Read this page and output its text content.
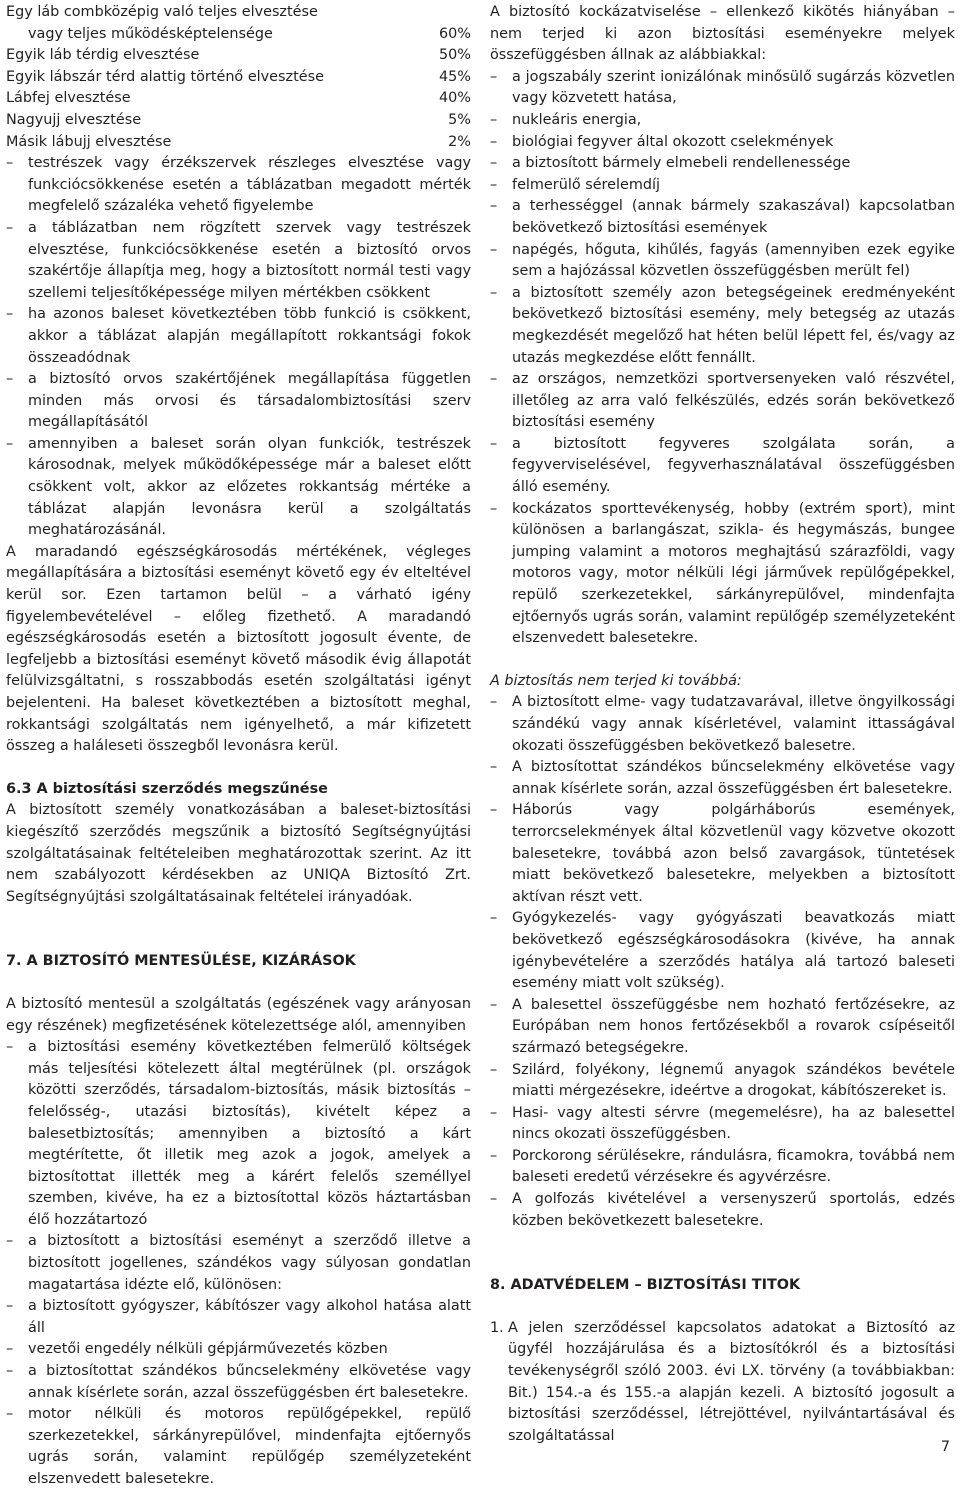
Egy láb combközépig való teljes elvesztése

vagy teljes működésképtelensége	60%
Egyik láb térdig elvesztése	50%
Egyik lábszár térd alattig történő elvesztése	45%
Lábfej elvesztése	40%
Nagyujj elvesztése	5%
Másik lábujj elvesztése	2%

– testrészek vagy érzékszervek részleges elvesztése vagy funkciócsökkenése esetén a táblázatban megadott mérték megfelelő százaléka vehető figyelembe

– a táblázatban nem rögzített szervek vagy testrészek elvesztése, funkciócsökkenése esetén a biztosító orvos szakértője állapítja meg, hogy a biztosított normál testi vagy szellemi teljesítőképessége milyen mértékben csökkent

– ha azonos baleset következtében több funkció is csökkent, akkor a táblázat alapján megállapított rokkantsági fokok összeadódnak

– a biztosító orvos szakértőjének megállapítása független minden más orvosi és társadalombiztosítási szerv megállapításától

– amennyiben a baleset során olyan funkciók, testrészek károsodnak, melyek működőképessége már a baleset előtt csökkent volt, akkor az előzetes rokkantság mértéke a táblázat alapján levonásra kerül a szolgáltatás meghatározásánál.

A maradandó egészségkárosodás mértékének, végleges megállapítására a biztosítási eseményt követő egy év elteltével kerül sor. Ezen tartamon belül – a várható igény figyelembevételével – előleg fizethető. A maradandó egészségkárosodás esetén a biztosított jogosult évente, de legfeljebb a biztosítási eseményt követő második évig állapotát felülvizsgáltatni, s rosszabbodás esetén szolgáltatási igényt bejelenteni. Ha baleset következtében a biztosított meghal, rokkantsági szolgáltatás nem igényelhető, a már kifizetett összeg a haláleseti összegből levonásra kerül.

6.3 A biztosítási szerződés megszűnése

A biztosított személy vonatkozásában a baleset-biztosítási kiegészítő szerződés megszűnik a biztosító Segítségnyújtási szolgáltatásainak feltételeiben meghatározottak szerint. Az itt nem szabályozott kérdésekben az UNIQA Biztosító Zrt. Segítségnyújtási szolgáltatásainak feltételei irányadóak.

7. A BIZTOSÍTÓ MENTESÜLÉSE, KIZÁRÁSOK

A biztosító mentesül a szolgáltatás (egészének vagy arányosan egy részének) megfizetésének kötelezettsége alól, amennyiben

– a biztosítási esemény következtében felmerülő költségek más teljesítési kötelezett által megtérülnek (pl. országok közötti szerződés, társadalom-biztosítás, másik biztosítás – felelősség-, utazási biztosítás), kivételt képez a balesetbiztosítás; amennyiben a biztosító a kárt megtérítette, őt illetik meg azok a jogok, amelyek a biztosítottat illették meg a kárért felelős személlyel szemben, kivéve, ha ez a biztosítottal közös háztartásban élő hozzátartozó

– a biztosított a biztosítási eseményt a szerződő illetve a biztosított jogellenes, szándékos vagy súlyosan gondatlan magatartása idézte elő, különösen:

– a biztosított gyógyszer, kábítószer vagy alkohol hatása alatt áll

– vezetői engedély nélküli gépjárművezetés közben

– a biztosítottat szándékos bűncselekmény elkövetése vagy annak kísérlete során, azzal összefüggésben ért balesetekre.

– motor nélküli és motoros repülőgépekkel, repülő szerkezetekkel, sárkányrepülővel, mindenfajta ejtőernyős ugrás során, valamint repülőgép személyzeteként elszenvedett balesetekre.

A biztosító kockázatviselése – ellenkező kikötés hiányában – nem terjed ki azon biztosítási eseményekre melyek összefüggésben állnak az alábbiakkal:

– a jogszabály szerint ionizálónak minősülő sugárzás közvetlen vagy közvetett hatása,

– nukleáris energia,

– biológiai fegyver által okozott cselekmények

– a biztosított bármely elmebeli rendellenessége

– felmerülő sérelemdíj

– a terhességgel (annak bármely szakaszával) kapcsolatban bekövetkező biztosítási események

– napégés, hőguta, kihűlés, fagyás (amennyiben ezek egyike sem a hajózással közvetlen összefüggésben merült fel)

– a biztosított személy azon betegségeinek eredményeként bekövetkező biztosítási esemény, mely betegség az utazás megkezdését megelőző hat héten belül lépett fel, és/vagy az utazás megkezdése előtt fennállt.

– az országos, nemzetközi sportversenyeken való részvétel, illetőleg az arra való felkészülés, edzés során bekövetkező biztosítási esemény

– a biztosított fegyveres szolgálata során, a fegyverviselésével, fegyverhasználatával összefüggésben álló esemény.

– kockázatos sporttevékenység, hobby (extrém sport), mint különösen a barlangászat, szikla- és hegymászás, bungee jumping valamint a motoros meghajtású szárazföldi, vagy motoros vagy, motor nélküli légi járművek repülőgépekkel, repülő szerkezetekkel, sárkányrepülővel, mindenfajta ejtőernyős ugrás során, valamint repülőgép személyzeteként elszenvedett balesetekre.

A biztosítás nem terjed ki továbbá:

– A biztosított elme- vagy tudatzavarával, illetve öngyilkossági szándékú vagy annak kísérletével, valamint ittasságával okozati összefüggésben bekövetkező balesetre.

– A biztosítottat szándékos bűncselekmény elkövetése vagy annak kísérlete során, azzal összefüggésben ért balesetekre.

– Háborús vagy polgárháborús események, terrorcselekmények által közvetlenül vagy közvetve okozott balesetekre, továbbá azon belső zavargások, tüntetések miatt bekövetkező balesetekre, melyekben a biztosított aktívan részt vett.

– Gyógykezelés- vagy gyógyászati beavatkozás miatt bekövetkező egészségkárosodásokra (kivéve, ha annak igénybevételére a szerződés hatálya alá tartozó baleseti esemény miatt volt szükség).

– A balesettel összefüggésbe nem hozható fertőzésekre, az Európában nem honos fertőzésekből a rovarok csípéseitől származó betegségekre.

– Szilárd, folyékony, légnemű anyagok szándékos bevétele miatti mérgezésekre, ideértve a drogokat, kábítószereket is.

– Hasi- vagy altesti sérvre (megemelésre), ha az balesettel nincs okozati összefüggésben.

– Porckorong sérülésekre, rándulásra, ficamokra, továbbá nem baleseti eredetű vérzésekre és agyvérzésre.

– A golfozás kivételével a versenyszerű sportolás, edzés közben bekövetkezett balesetekre.

8. ADATVÉDELEM – BIZTOSÍTÁSI TITOK

1. A jelen szerződéssel kapcsolatos adatokat a Biztosító az ügyfél hozzájárulása és a biztosítókról és a biztosítási tevékenységről szóló 2003. évi LX. törvény (a továbbiakban: Bit.) 154.-a és 155.-a alapján kezeli. A biztosító jogosult a biztosítási szerződéssel, létrejöttével, nyilvántartásával és szolgáltatással

7
